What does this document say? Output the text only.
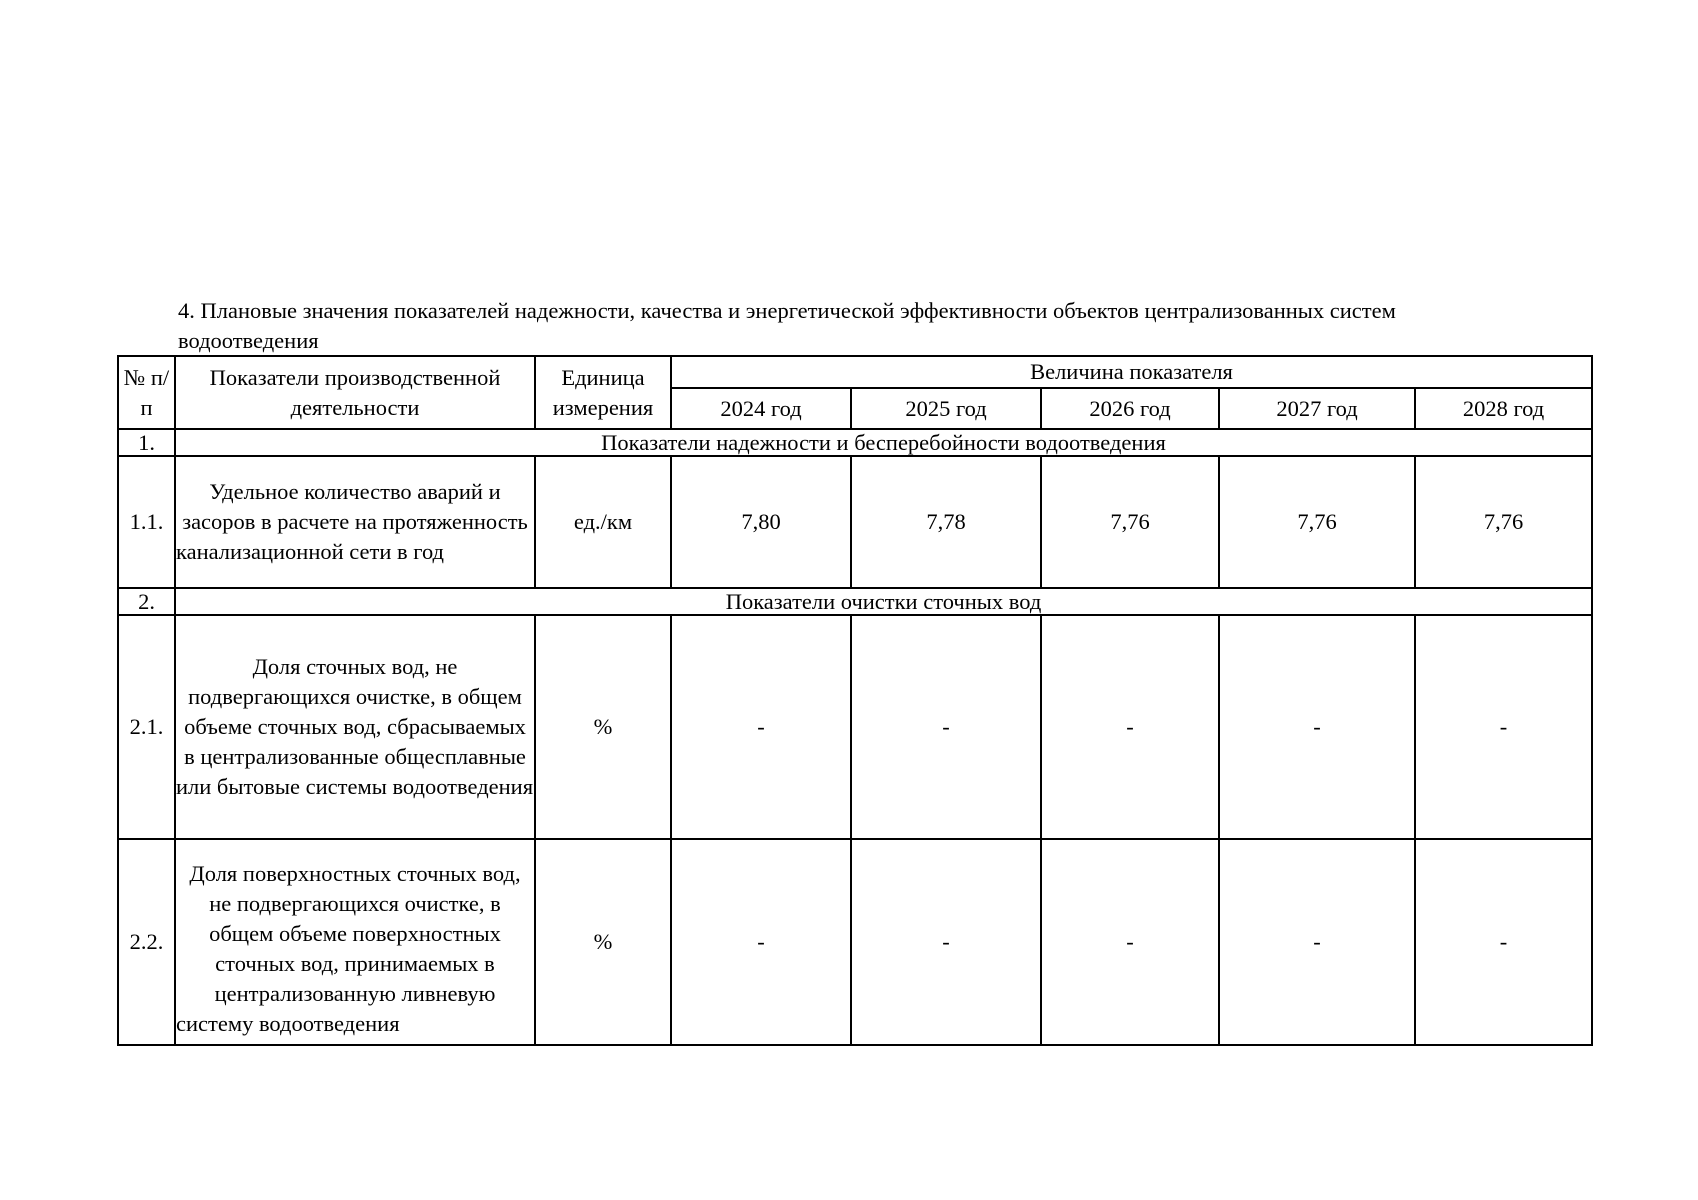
4. Плановые значения показателей надежности, качества и энергетической эффективности объектов централизованных систем водоотведения

№ п/п	Показатели производственной деятельности	Единица измерения	Величина показателя				
			2024 год	2025 год	2026 год	2027 год	2028 год
1.	Показатели надежности и бесперебойности водоотведения						
1.1.	Удельное количество аварий и засоров в расчете на протяженность канализационной сети в год	ед./км	7,80	7,78	7,76	7,76	7,76
2.	Показатели очистки сточных вод						
2.1.	Доля сточных вод, не подвергающихся очистке, в общем объеме сточных вод, сбрасываемых в централизованные общесплавные или бытовые системы водоотведения	%	-	-	-	-	-
2.2.	Доля поверхностных сточных вод, не подвергающихся очистке, в общем объеме поверхностных сточных вод, принимаемых в централизованную ливневую систему водоотведения	%	-	-	-	-	-
